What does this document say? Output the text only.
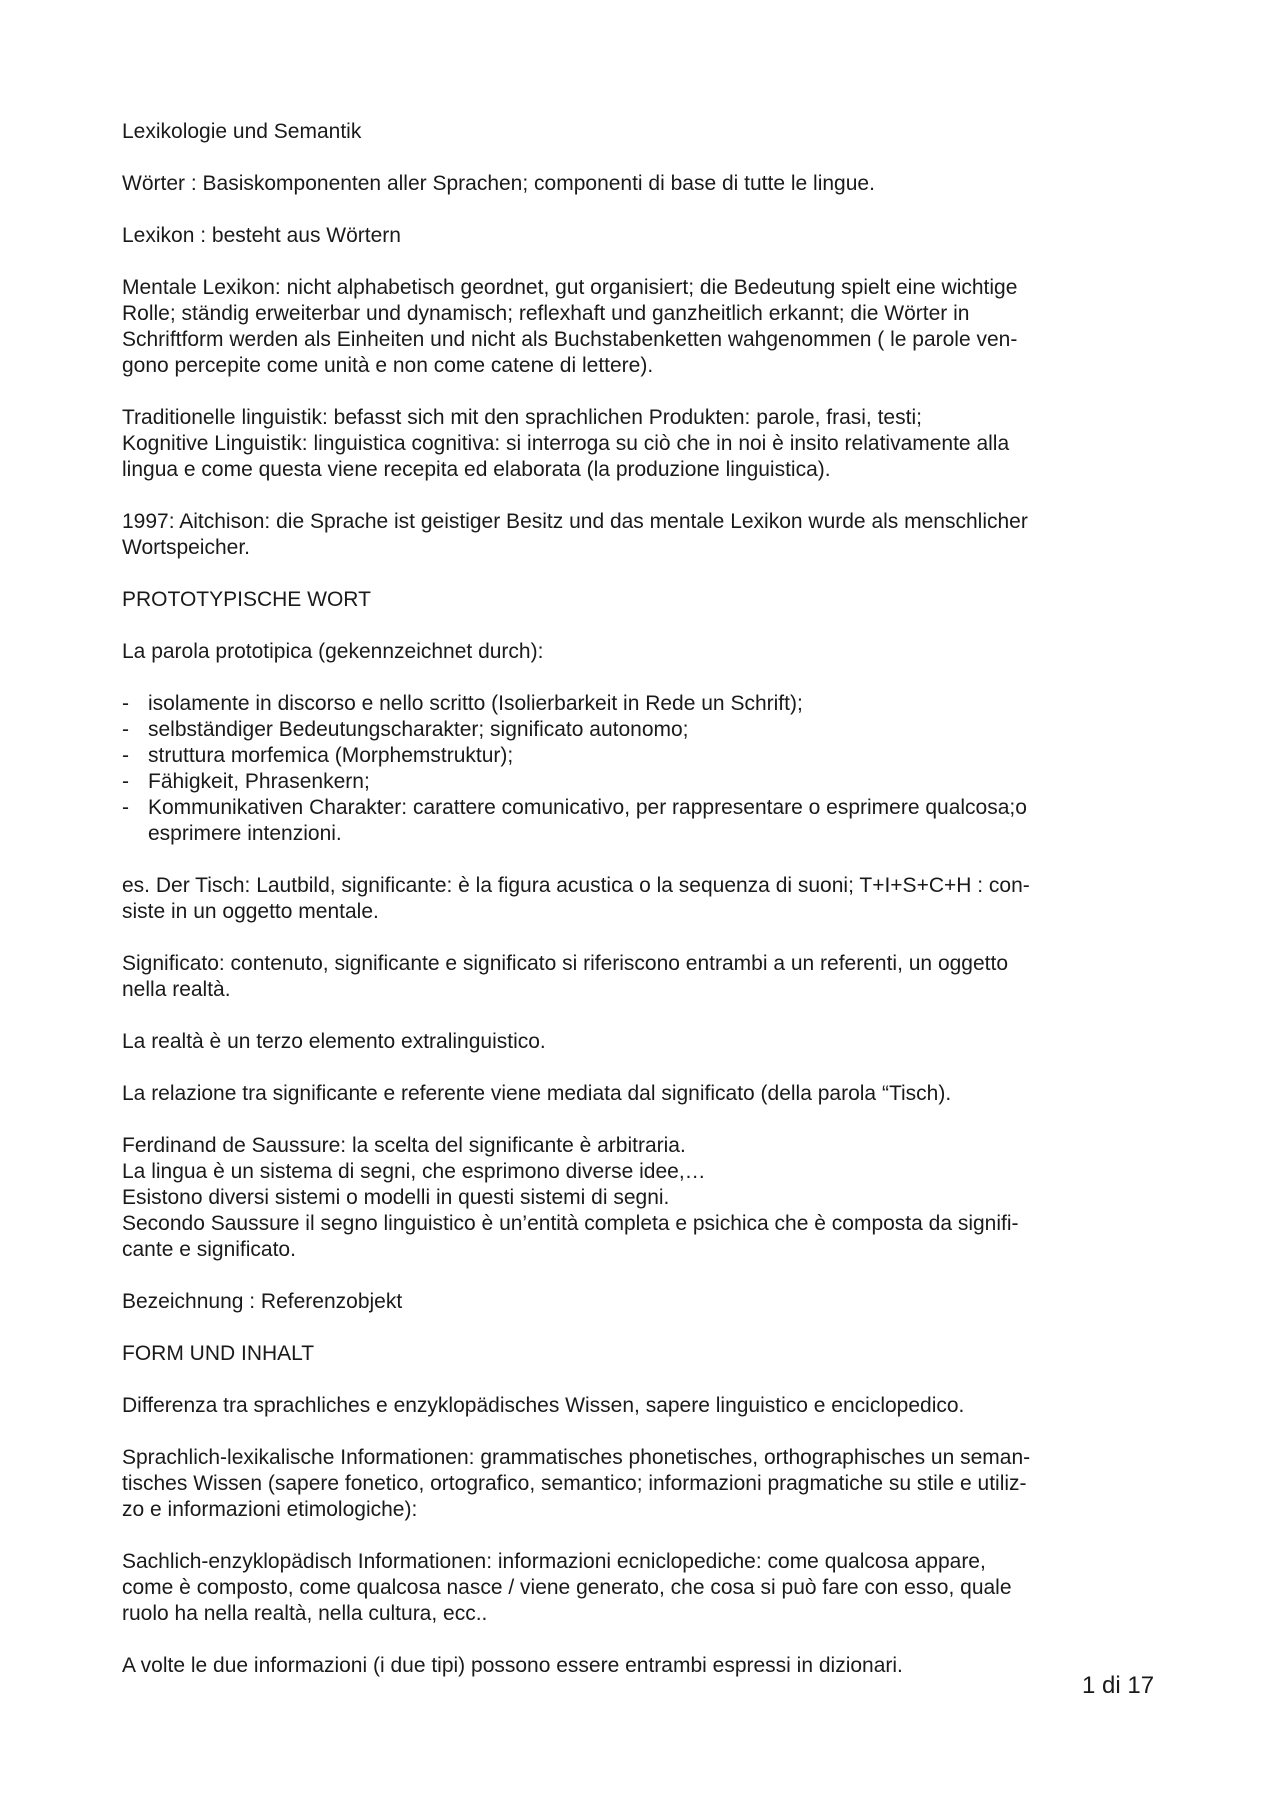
Lexikologie und Semantik

Wörter : Basiskomponenten aller Sprachen; componenti di base di tutte le lingue.

Lexikon : besteht aus Wörtern

Mentale Lexikon: nicht alphabetisch geordnet, gut organisiert; die Bedeutung spielt eine wichtige
Rolle; ständig erweiterbar und dynamisch; reflexhaft und ganzheitlich erkannt; die Wörter in
Schriftform werden als Einheiten und nicht als Buchstabenketten wahgenommen ( le parole ven-
gono percepite come unità e non come catene di lettere).

Traditionelle linguistik: befasst sich mit den sprachlichen Produkten: parole, frasi, testi;
Kognitive Linguistik: linguistica cognitiva: si interroga su ciò che in noi è insito relativamente alla
lingua e come questa viene recepita ed elaborata (la produzione linguistica).

1997: Aitchison: die Sprache ist geistiger Besitz und das mentale Lexikon wurde als menschlicher
Wortspeicher.

PROTOTYPISCHE WORT

La parola prototipica (gekennzeichnet durch):

- isolamente in discorso e nello scritto (Isolierbarkeit in Rede un Schrift);
- selbständiger Bedeutungscharakter; significato autonomo;
- struttura morfemica (Morphemstruktur);
- Fähigkeit, Phrasenkern;
- Kommunikativen Charakter: carattere comunicativo, per rappresentare o esprimere qualcosa;o
esprimere intenzioni.

es. Der Tisch: Lautbild, significante: è la figura acustica o la sequenza di suoni; T+I+S+C+H : con-
siste in un oggetto mentale.

Significato: contenuto, significante e significato si riferiscono entrambi a un referenti, un oggetto
nella realtà.

La realtà è un terzo elemento extralinguistico.

La relazione tra significante e referente viene mediata dal significato (della parola “Tisch).

Ferdinand de Saussure: la scelta del significante è arbitraria.
La lingua è un sistema di segni, che esprimono diverse idee,…
Esistono diversi sistemi o modelli in questi sistemi di segni.
Secondo Saussure il segno linguistico è un’entità completa e psichica che è composta da signifi-
cante e significato.

Bezeichnung : Referenzobjekt

FORM UND INHALT

Differenza tra sprachliches e enzyklopädisches Wissen, sapere linguistico e enciclopedico.

Sprachlich-lexikalische Informationen: grammatisches phonetisches, orthographisches un seman-
tisches Wissen (sapere fonetico, ortografico, semantico; informazioni pragmatiche su stile e utiliz-
zo e informazioni etimologiche):

Sachlich-enzyklopädisch Informationen: informazioni ecniclopediche: come qualcosa appare,
come è composto, come qualcosa nasce / viene generato, che cosa si può fare con esso, quale
ruolo ha nella realtà, nella cultura, ecc..

A volte le due informazioni (i due tipi) possono essere entrambi espressi in dizionari.

1 di 17
